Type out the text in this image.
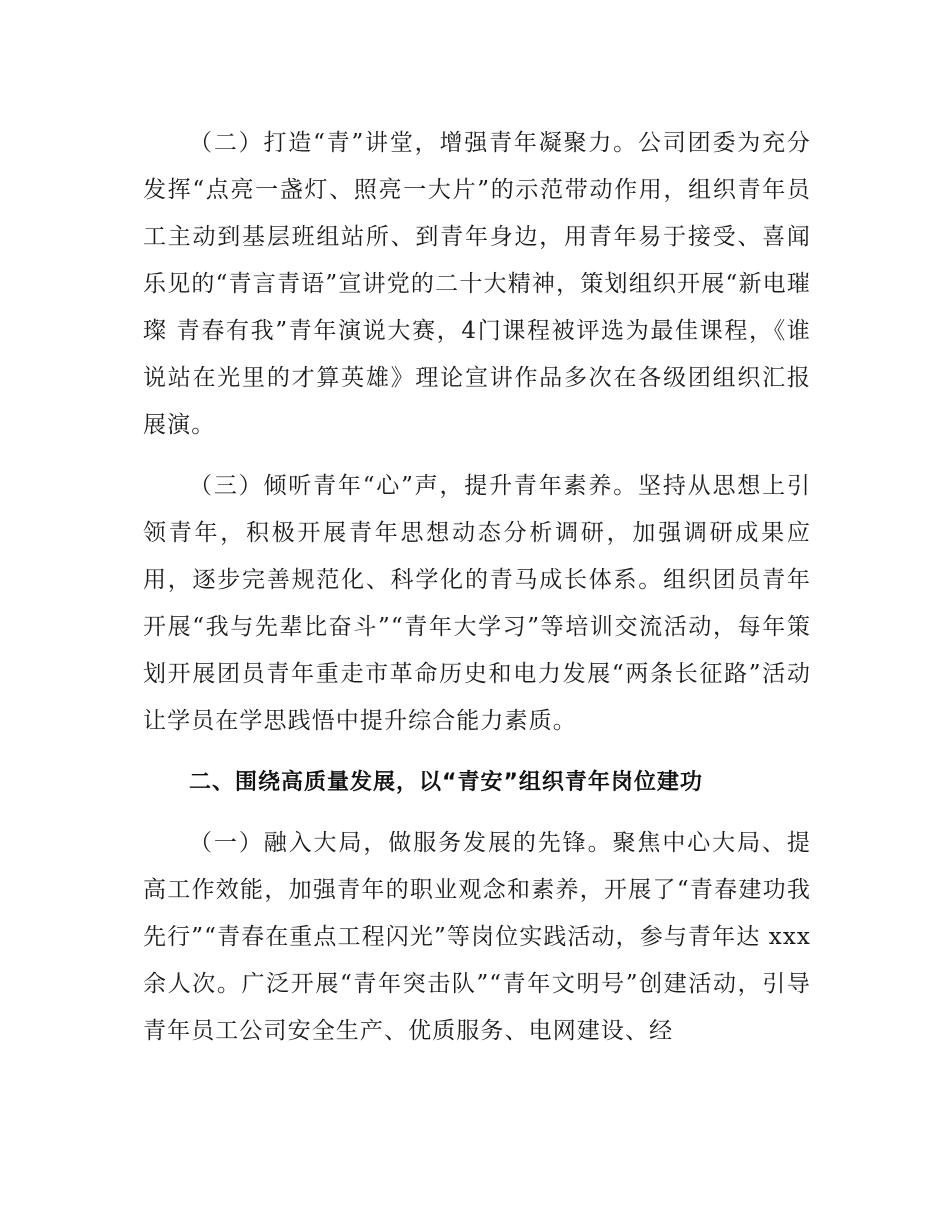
（二）打造“青”讲堂，增强青年凝聚力。公司团委为充分发挥“点亮一盏灯、照亮一大片”的示范带动作用，组织青年员工主动到基层班组站所、到青年身边，用青年易于接受、喜闻乐见的“青言青语”宣讲党的二十大精神，策划组织开展“新电璀璨 青春有我”青年演说大赛，4门课程被评选为最佳课程，《谁说站在光里的才算英雄》理论宣讲作品多次在各级团组织汇报展演。

（三）倾听青年“心”声，提升青年素养。坚持从思想上引领青年，积极开展青年思想动态分析调研，加强调研成果应用，逐步完善规范化、科学化的青马成长体系。组织团员青年开展“我与先辈比奋斗”“青年大学习”等培训交流活动，每年策划开展团员青年重走市革命历史和电力发展“两条长征路”活动让学员在学思践悟中提升综合能力素质。

二、围绕高质量发展，以“青安”组织青年岗位建功

（一）融入大局，做服务发展的先锋。聚焦中心大局、提高工作效能，加强青年的职业观念和素养，开展了“青春建功我先行”“青春在重点工程闪光”等岗位实践活动，参与青年达 xxx 余人次。广泛开展“青年突击队”“青年文明号”创建活动，引导青年员工公司安全生产、优质服务、电网建设、经
